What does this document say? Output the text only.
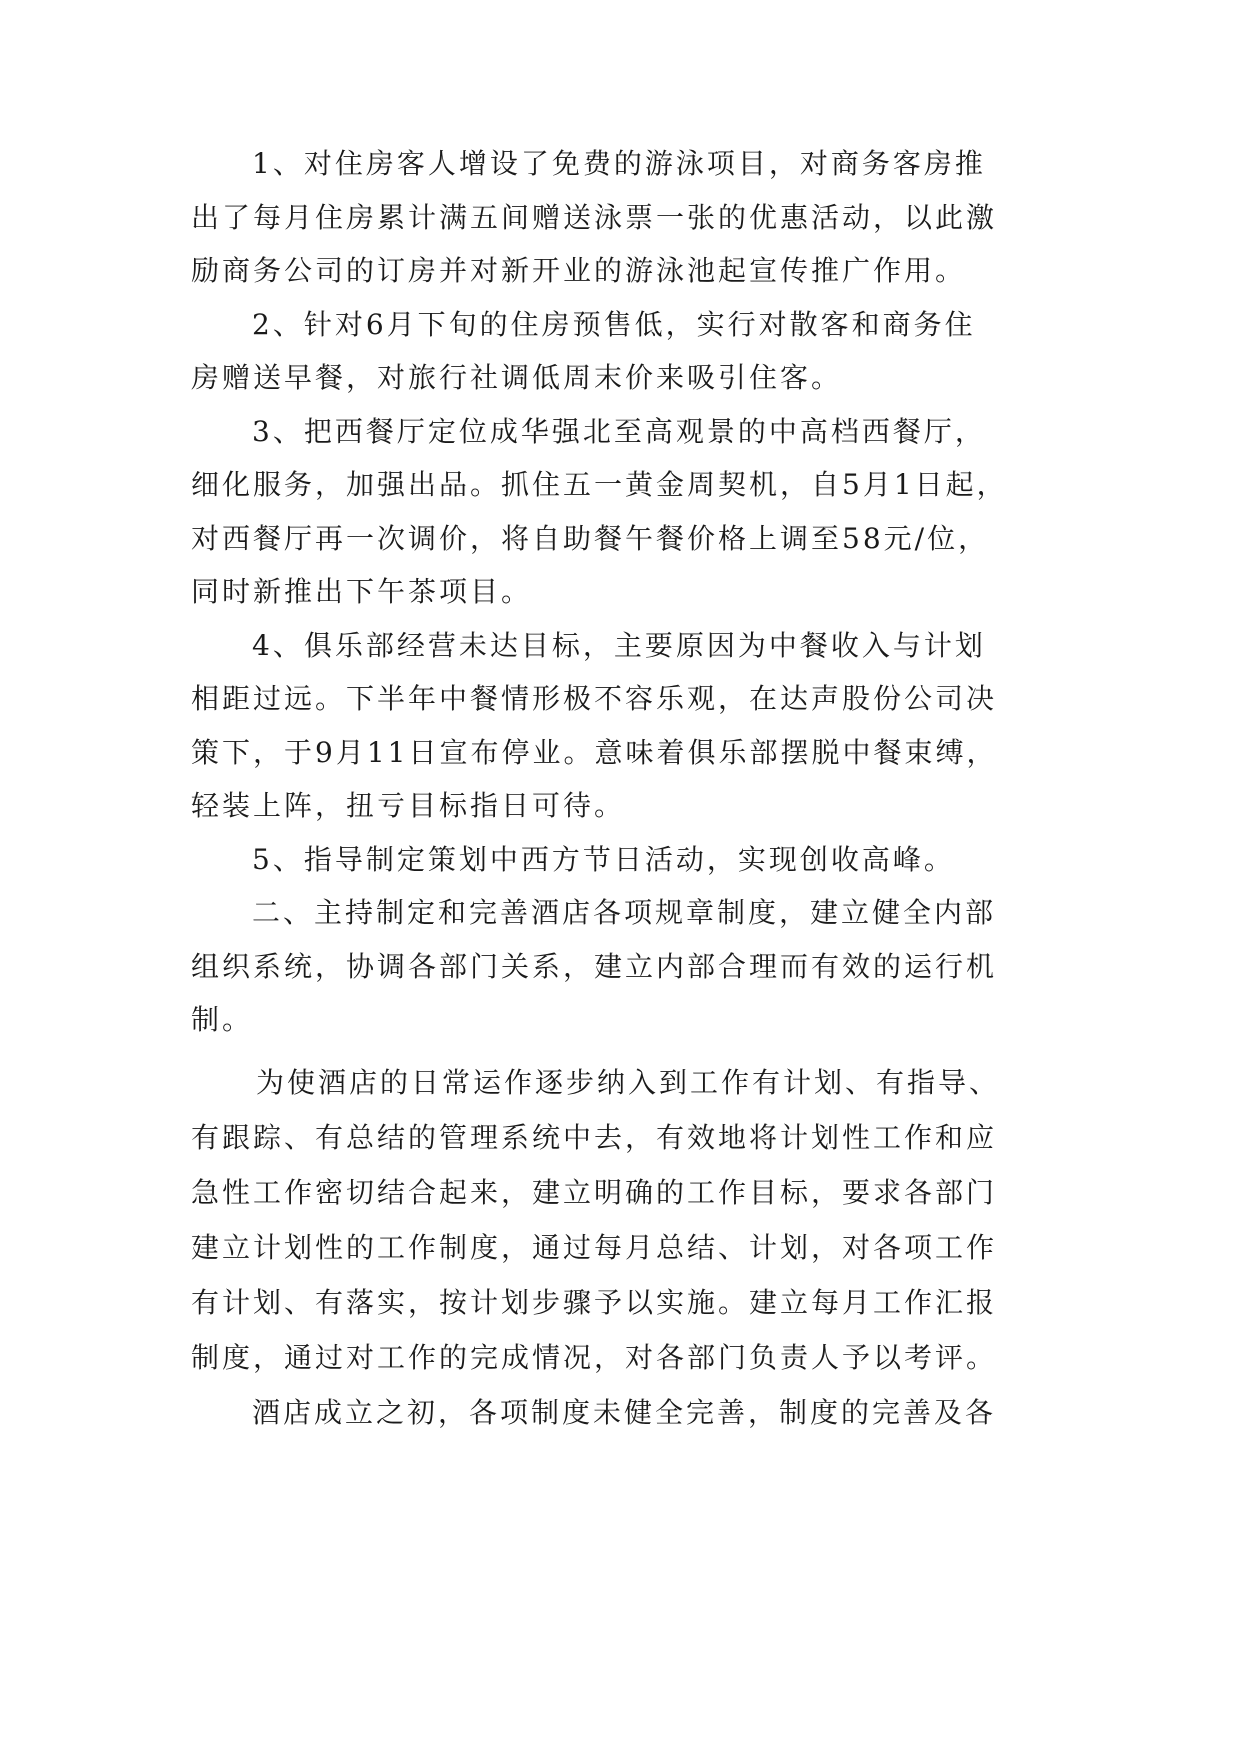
1、对住房客人增设了免费的游泳项目，对商务客房推
出了每月住房累计满五间赠送泳票一张的优惠活动，以此激
励商务公司的订房并对新开业的游泳池起宣传推广作用。
2、针对6月下旬的住房预售低，实行对散客和商务住
房赠送早餐，对旅行社调低周末价来吸引住客。
3、把西餐厅定位成华强北至高观景的中高档西餐厅，
细化服务，加强出品。抓住五一黄金周契机，自5月1日起，
对西餐厅再一次调价，将自助餐午餐价格上调至58元/位，
同时新推出下午茶项目。
4、俱乐部经营未达目标，主要原因为中餐收入与计划
相距过远。下半年中餐情形极不容乐观，在达声股份公司决
策下，于9月11日宣布停业。意味着俱乐部摆脱中餐束缚，
轻装上阵，扭亏目标指日可待。
5、指导制定策划中西方节日活动，实现创收高峰。
二、主持制定和完善酒店各项规章制度，建立健全内部
组织系统，协调各部门关系，建立内部合理而有效的运行机
制。
为使酒店的日常运作逐步纳入到工作有计划、有指导、
有跟踪、有总结的管理系统中去，有效地将计划性工作和应
急性工作密切结合起来，建立明确的工作目标，要求各部门
建立计划性的工作制度，通过每月总结、计划，对各项工作
有计划、有落实，按计划步骤予以实施。建立每月工作汇报
制度，通过对工作的完成情况，对各部门负责人予以考评。
酒店成立之初，各项制度未健全完善，制度的完善及各
